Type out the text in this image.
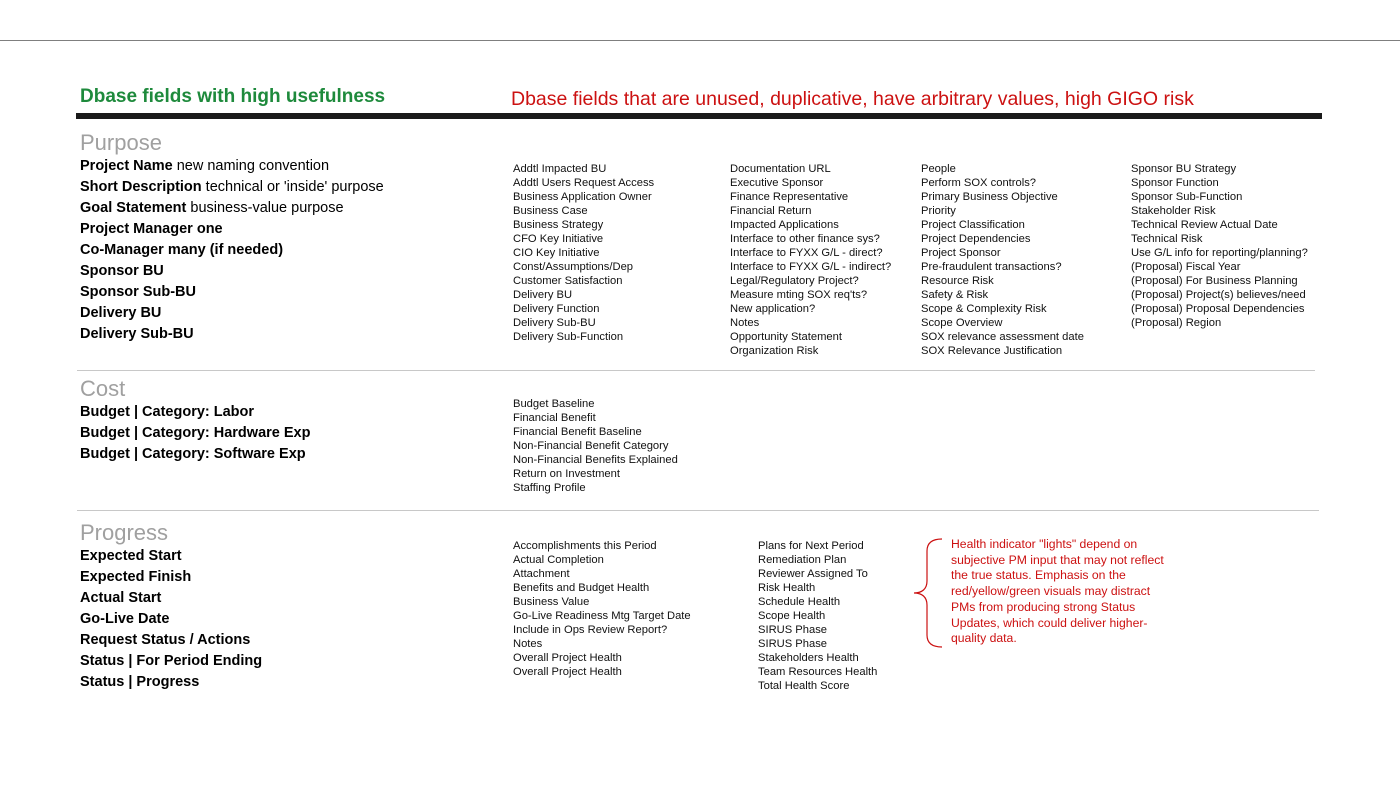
Dbase fields with high usefulness	Dbase fields that are unused, duplicative, have arbitrary values, high GIGO risk
Purpose
Project Name new naming convention
Short Description technical or 'inside' purpose
Goal Statement business-value purpose
Project Manager one
Co-Manager many (if needed)
Sponsor BU
Sponsor Sub-BU
Delivery BU
Delivery Sub-BU
Addtl Impacted BU
Addtl Users Request Access
Business Application Owner
Business Case
Business Strategy
CFO Key Initiative
CIO Key Initiative
Const/Assumptions/Dep
Customer Satisfaction
Delivery BU
Delivery Function
Delivery Sub-BU
Delivery Sub-Function
Documentation URL
Executive Sponsor
Finance Representative
Financial Return
Impacted Applications
Interface to other finance sys?
Interface to FYXX G/L - direct?
Interface to FYXX G/L - indirect?
Legal/Regulatory Project?
Measure mting SOX req'ts?
New application?
Notes
Opportunity Statement
Organization Risk
People
Perform SOX controls?
Primary Business Objective
Priority
Project Classification
Project Dependencies
Project Sponsor
Pre-fraudulent transactions?
Resource Risk
Safety & Risk
Scope & Complexity Risk
Scope Overview
SOX relevance assessment date
SOX Relevance Justification
Sponsor BU Strategy
Sponsor Function
Sponsor Sub-Function
Stakeholder Risk
Technical Review Actual Date
Technical Risk
Use G/L info for reporting/planning?
(Proposal) Fiscal Year
(Proposal) For Business Planning
(Proposal) Project(s) believes/need
(Proposal) Proposal Dependencies
(Proposal) Region
Cost
Budget | Category: Labor
Budget | Category: Hardware Exp
Budget | Category: Software Exp
Budget Baseline
Financial Benefit
Financial Benefit Baseline
Non-Financial Benefit Category
Non-Financial Benefits Explained
Return on Investment
Staffing Profile
Progress
Expected Start
Expected Finish
Actual Start
Go-Live Date
Request Status / Actions
Status | For Period Ending
Status | Progress
Accomplishments this Period
Actual Completion
Attachment
Benefits and Budget Health
Business Value
Go-Live Readiness Mtg Target Date
Include in Ops Review Report?
Notes
Overall Project Health
Overall Project Health
Plans for Next Period
Remediation Plan
Reviewer Assigned To
Risk Health
Schedule Health
Scope Health
SIRUS Phase
SIRUS Phase
Stakeholders Health
Team Resources Health
Total Health Score
Health indicator "lights" depend on subjective PM input that may not reflect the true status. Emphasis on the red/yellow/green visuals may distract PMs from producing strong Status Updates, which could deliver higher-quality data.
